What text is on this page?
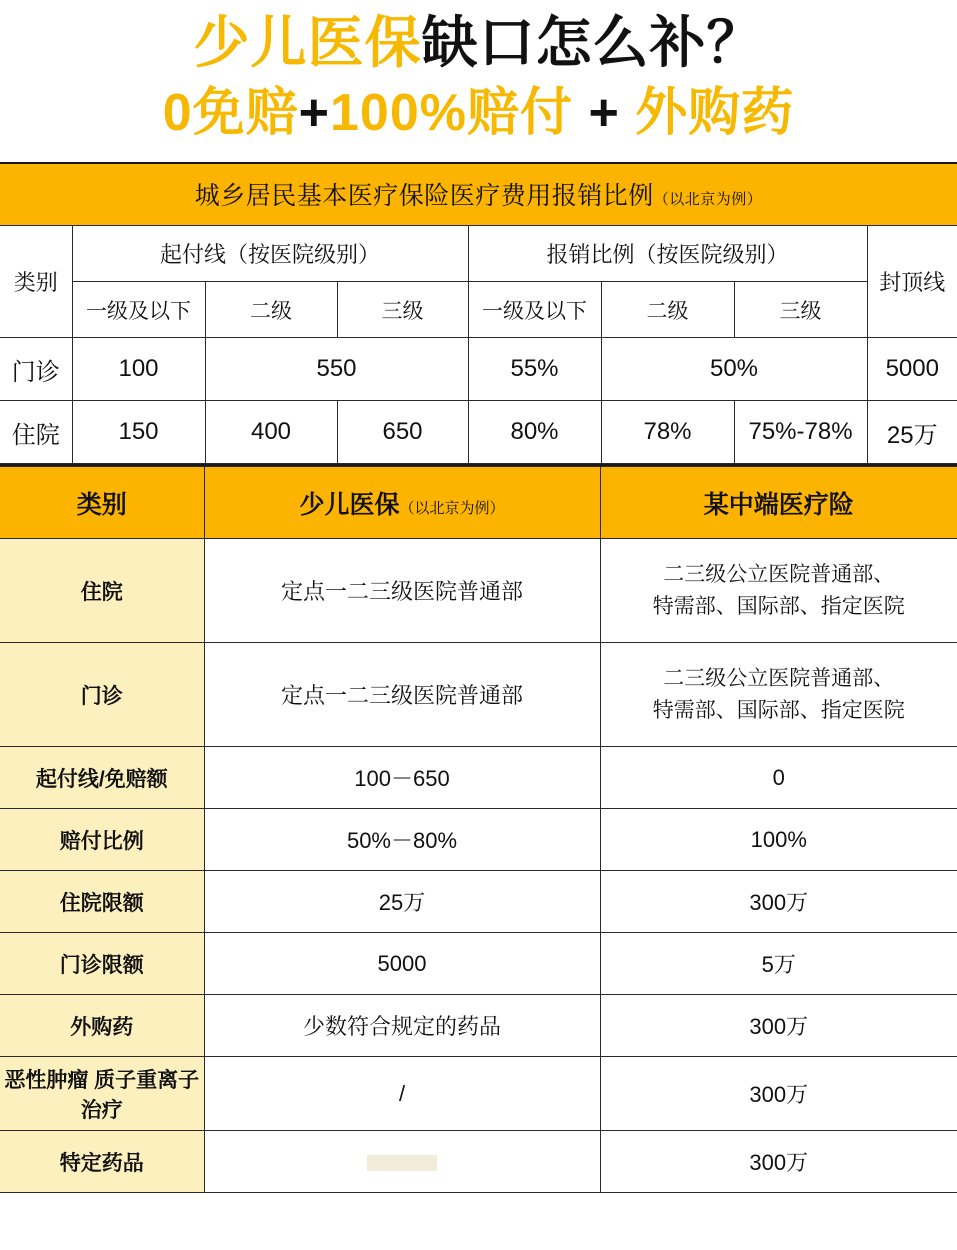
少儿医保缺口怎么补？
0免赔+100%赔付 + 外购药
城乡居民基本医疗保险医疗费用报销比例（以北京为例）							
类别	起付线（按医院级别）			报销比例（按医院级别）			封顶线
	一级及以下	二级	三级	一级及以下	二级	三级	
门诊	100	550		55%	50%		5000
住院	150	400	650	80%	78%	75%-78%	25万
类别	少儿医保（以北京为例）	某中端医疗险
住院	定点一二三级医院普通部	二三级公立医院普通部、
特需部、国际部、指定医院

门诊	定点一二三级医院普通部	二三级公立医院普通部、
特需部、国际部、指定医院

起付线/免赔额	100－650	0
赔付比例	50%－80%	100%
住院限额	25万	300万
门诊限额	5000	5万
外购药	少数符合规定的药品	300万
恶性肿瘤 质子重离子治疗	/	300万
特定药品		300万
